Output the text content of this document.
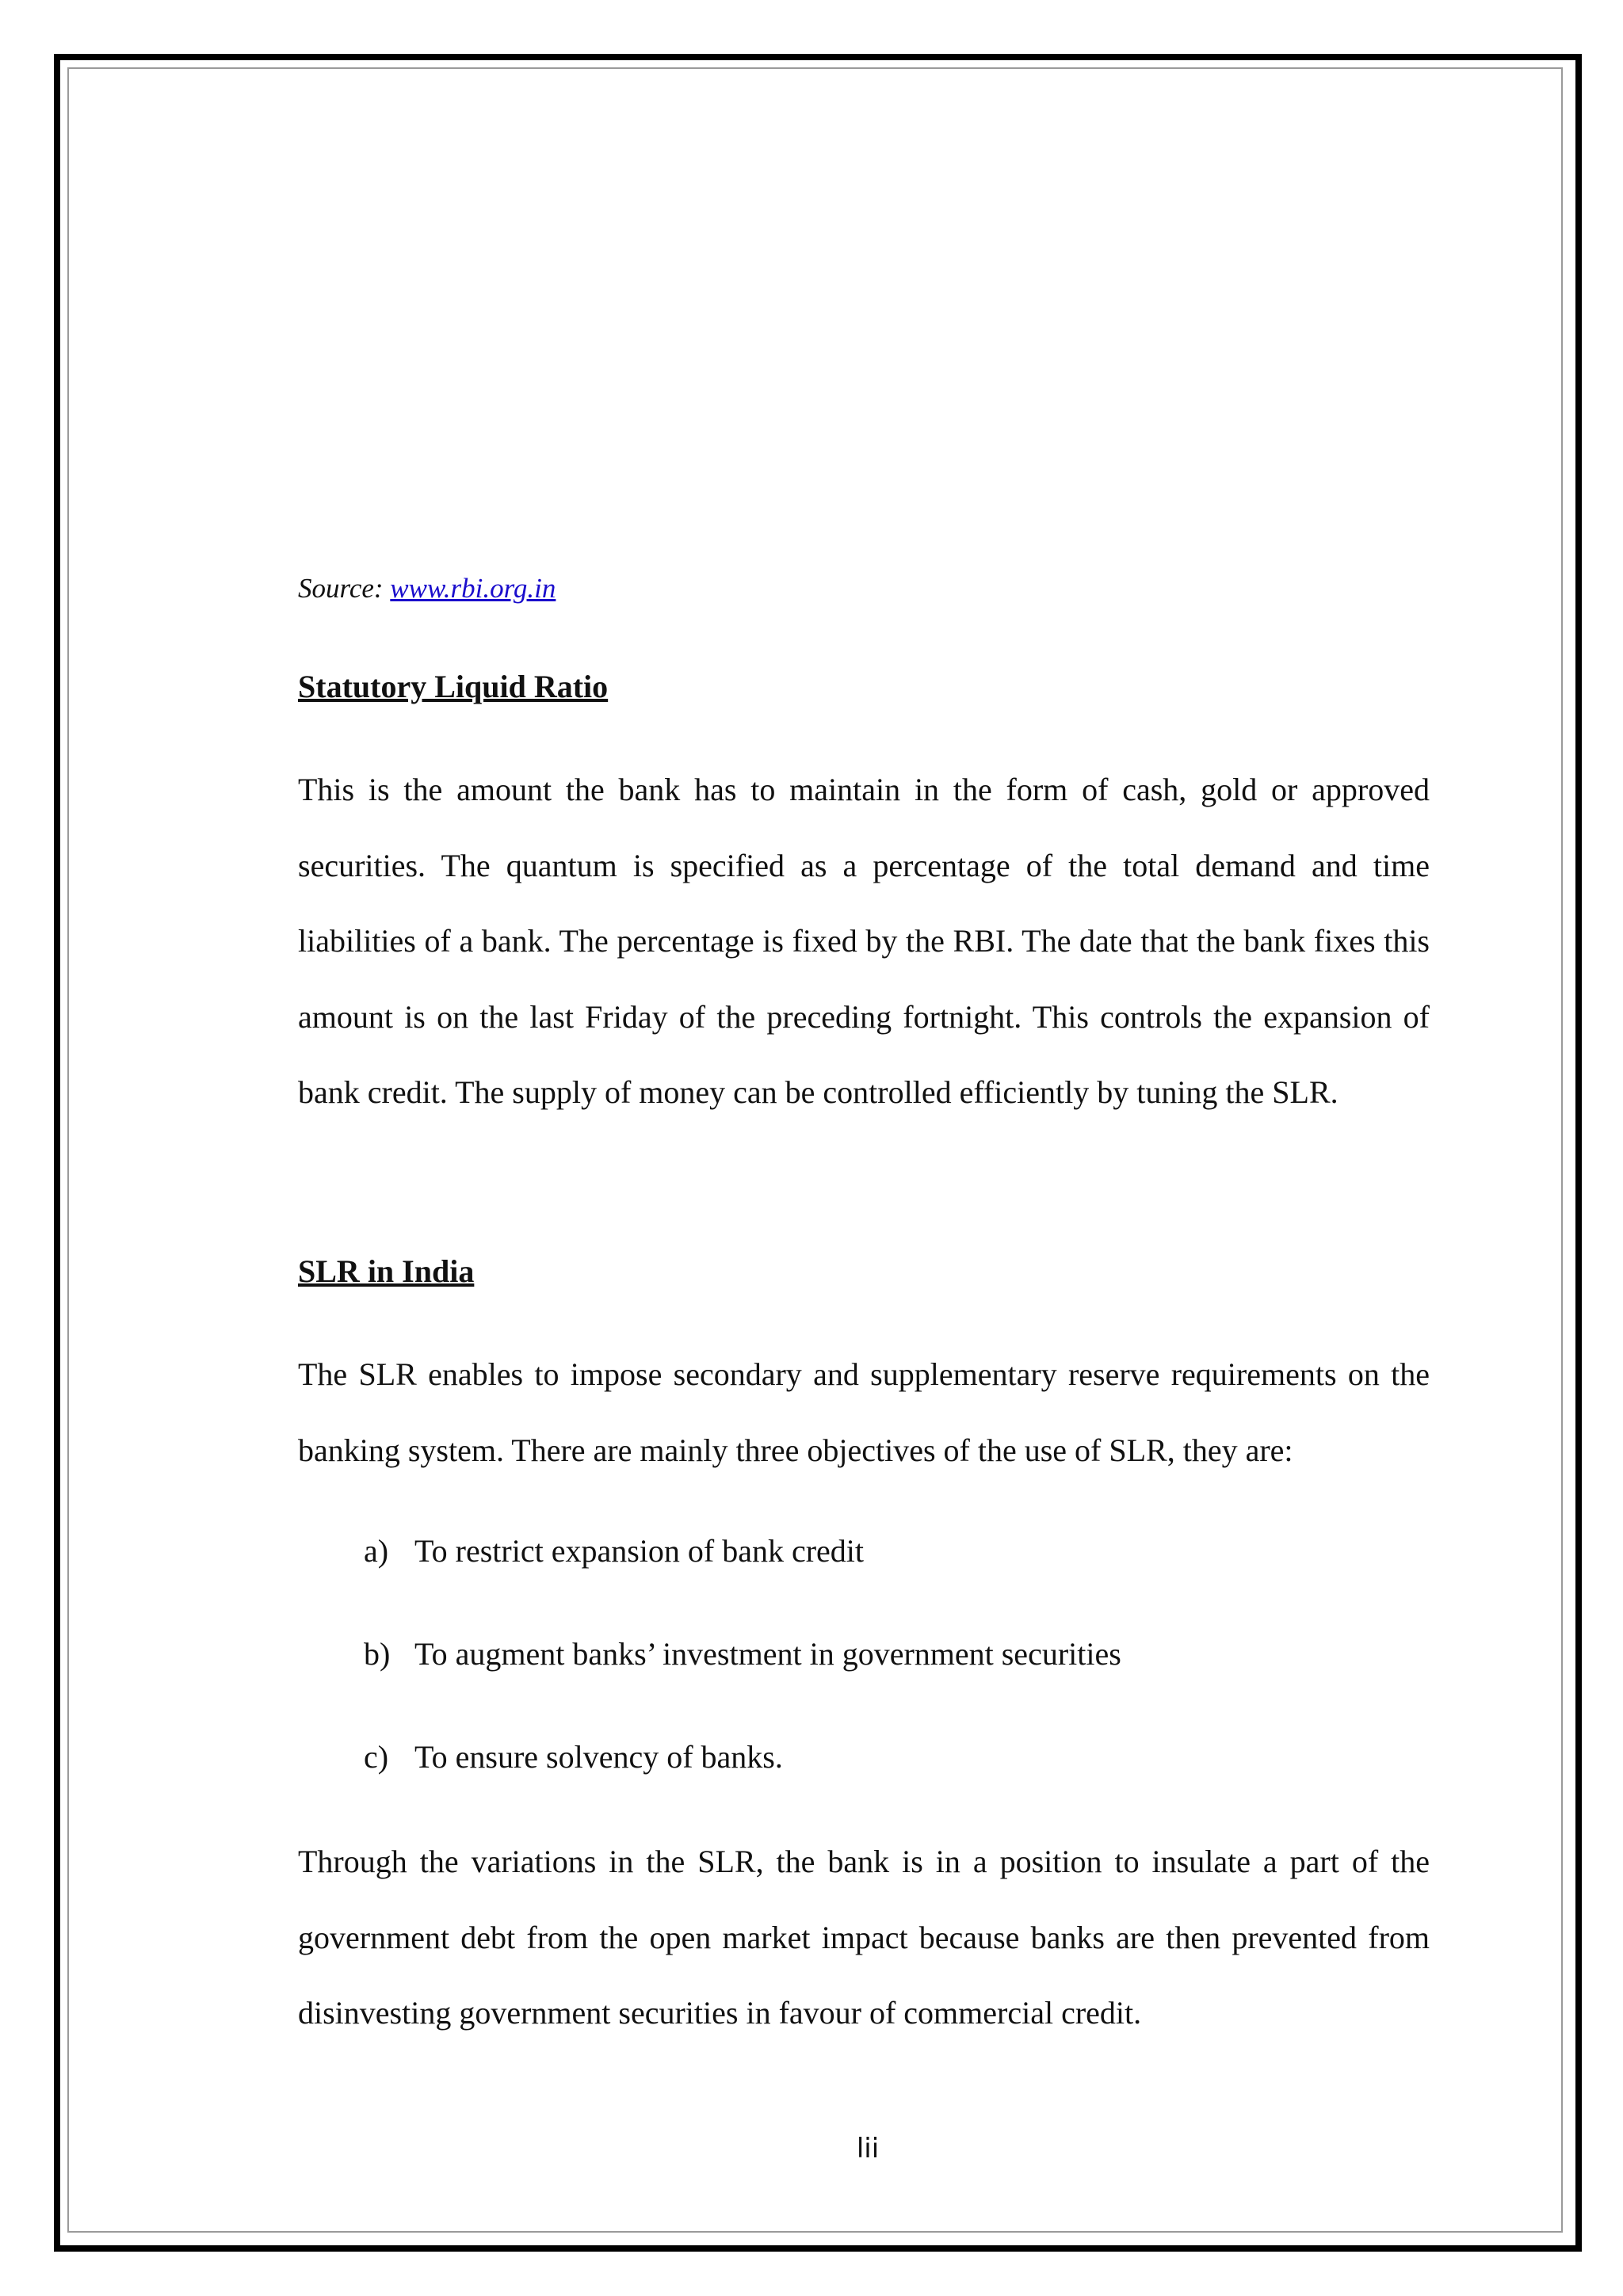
Source: www.rbi.org.in
Statutory Liquid Ratio
This is the amount the bank has to maintain in the form of cash, gold or approved securities. The quantum is specified as a percentage of the total demand and time liabilities of a bank. The percentage is fixed by the RBI. The date that the bank fixes this amount is on the last Friday of the preceding fortnight. This controls the expansion of bank credit. The supply of money can be controlled efficiently by tuning the SLR.
SLR in India
The SLR enables to impose secondary and supplementary reserve requirements on the banking system. There are mainly three objectives of the use of SLR, they are:
a) To restrict expansion of bank credit
b) To augment banks’ investment in government securities
c) To ensure solvency of banks.
Through the variations in the SLR, the bank is in a position to insulate a part of the government debt from the open market impact because banks are then prevented from disinvesting government securities in favour of commercial credit.
lii
